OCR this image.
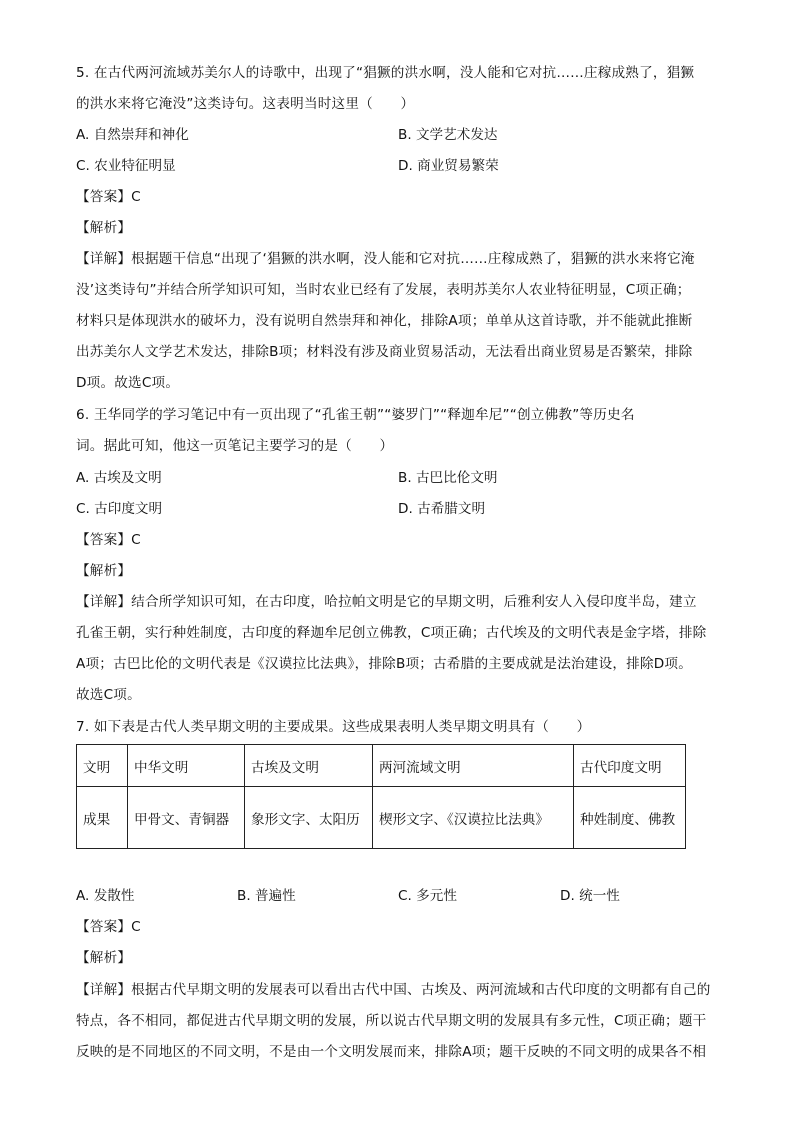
5. 在古代两河流域苏美尔人的诗歌中，出现了“猖獗的洪水啊，没人能和它对抗……庄稼成熟了，猖獗
的洪水来将它淹没”这类诗句。这表明当时这里（　　）
A. 自然崇拜和神化	B. 文学艺术发达
C. 农业特征明显	D. 商业贸易繁荣
【答案】C
【解析】
【详解】根据题干信息“出现了‘猖獗的洪水啊，没人能和它对抗……庄稼成熟了，猖獗的洪水来将它淹
没’这类诗句”并结合所学知识可知，当时农业已经有了发展，表明苏美尔人农业特征明显，C项正确；
材料只是体现洪水的破坏力，没有说明自然崇拜和神化，排除A项；单单从这首诗歌，并不能就此推断
出苏美尔人文学艺术发达，排除B项；材料没有涉及商业贸易活动，无法看出商业贸易是否繁荣，排除
D项。故选C项。
6. 王华同学的学习笔记中有一页出现了“孔雀王朝”“婆罗门”“释迦牟尼”“创立佛教”等历史名
词。据此可知，他这一页笔记主要学习的是（　　）
A. 古埃及文明	B. 古巴比伦文明
C. 古印度文明	D. 古希腊文明
【答案】C
【解析】
【详解】结合所学知识可知，在古印度，哈拉帕文明是它的早期文明，后雅利安人入侵印度半岛，建立
孔雀王朝，实行种姓制度，古印度的释迦牟尼创立佛教，C项正确；古代埃及的文明代表是金字塔，排除
A项；古巴比伦的文明代表是《汉谟拉比法典》，排除B项；古希腊的主要成就是法治建设，排除D项。
故选C项。
7. 如下表是古代人类早期文明的主要成果。这些成果表明人类早期文明具有（　　）
文明	中华文明	古埃及文明	两河流域文明	古代印度文明
成果	甲骨文、青铜器	象形文字、太阳历	楔形文字、《汉谟拉比法典》	种姓制度、佛教
A. 发散性	B. 普遍性	C. 多元性	D. 统一性
【答案】C
【解析】
【详解】根据古代早期文明的发展表可以看出古代中国、古埃及、两河流域和古代印度的文明都有自己的
特点，各不相同，都促进古代早期文明的发展，所以说古代早期文明的发展具有多元性，C项正确；题干
反映的是不同地区的不同文明，不是由一个文明发展而来，排除A项；题干反映的不同文明的成果各不相
